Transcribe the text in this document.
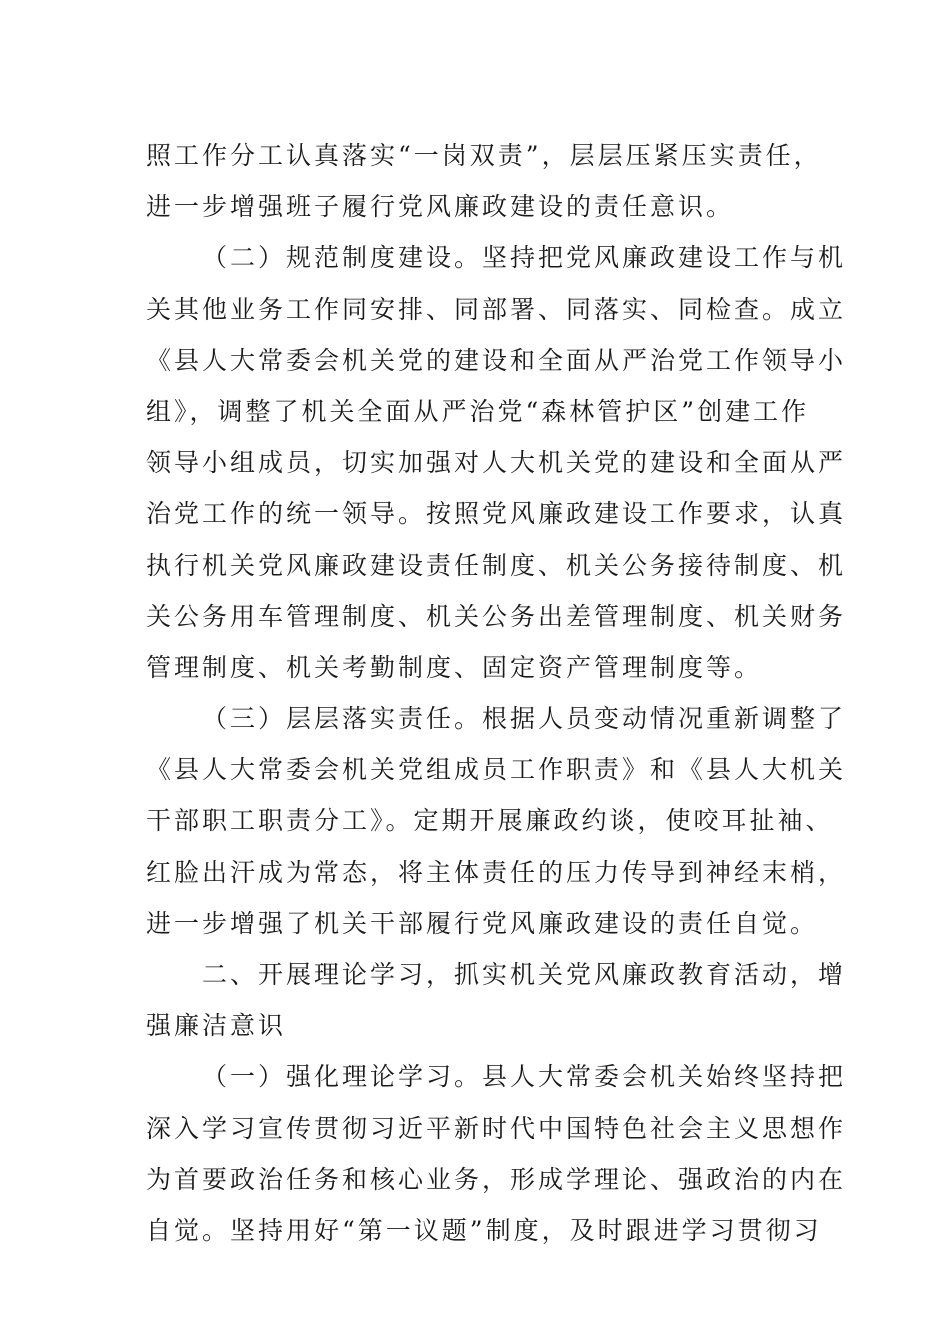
照工作分工认真落实“一岗双责”，层层压紧压实责任，
进一步增强班子履行党风廉政建设的责任意识。
（二）规范制度建设。坚持把党风廉政建设工作与机
关其他业务工作同安排、同部署、同落实、同检查。成立
《县人大常委会机关党的建设和全面从严治党工作领导小
组》，调整了机关全面从严治党“森林管护区”创建工作
领导小组成员，切实加强对人大机关党的建设和全面从严
治党工作的统一领导。按照党风廉政建设工作要求，认真
执行机关党风廉政建设责任制度、机关公务接待制度、机
关公务用车管理制度、机关公务出差管理制度、机关财务
管理制度、机关考勤制度、固定资产管理制度等。
（三）层层落实责任。根据人员变动情况重新调整了
《县人大常委会机关党组成员工作职责》和《县人大机关
干部职工职责分工》。定期开展廉政约谈，使咬耳扯袖、
红脸出汗成为常态，将主体责任的压力传导到神经末梢，
进一步增强了机关干部履行党风廉政建设的责任自觉。
二、开展理论学习，抓实机关党风廉政教育活动，增
强廉洁意识
（一）强化理论学习。县人大常委会机关始终坚持把
深入学习宣传贯彻习近平新时代中国特色社会主义思想作
为首要政治任务和核心业务，形成学理论、强政治的内在
自觉。坚持用好“第一议题”制度，及时跟进学习贯彻习
